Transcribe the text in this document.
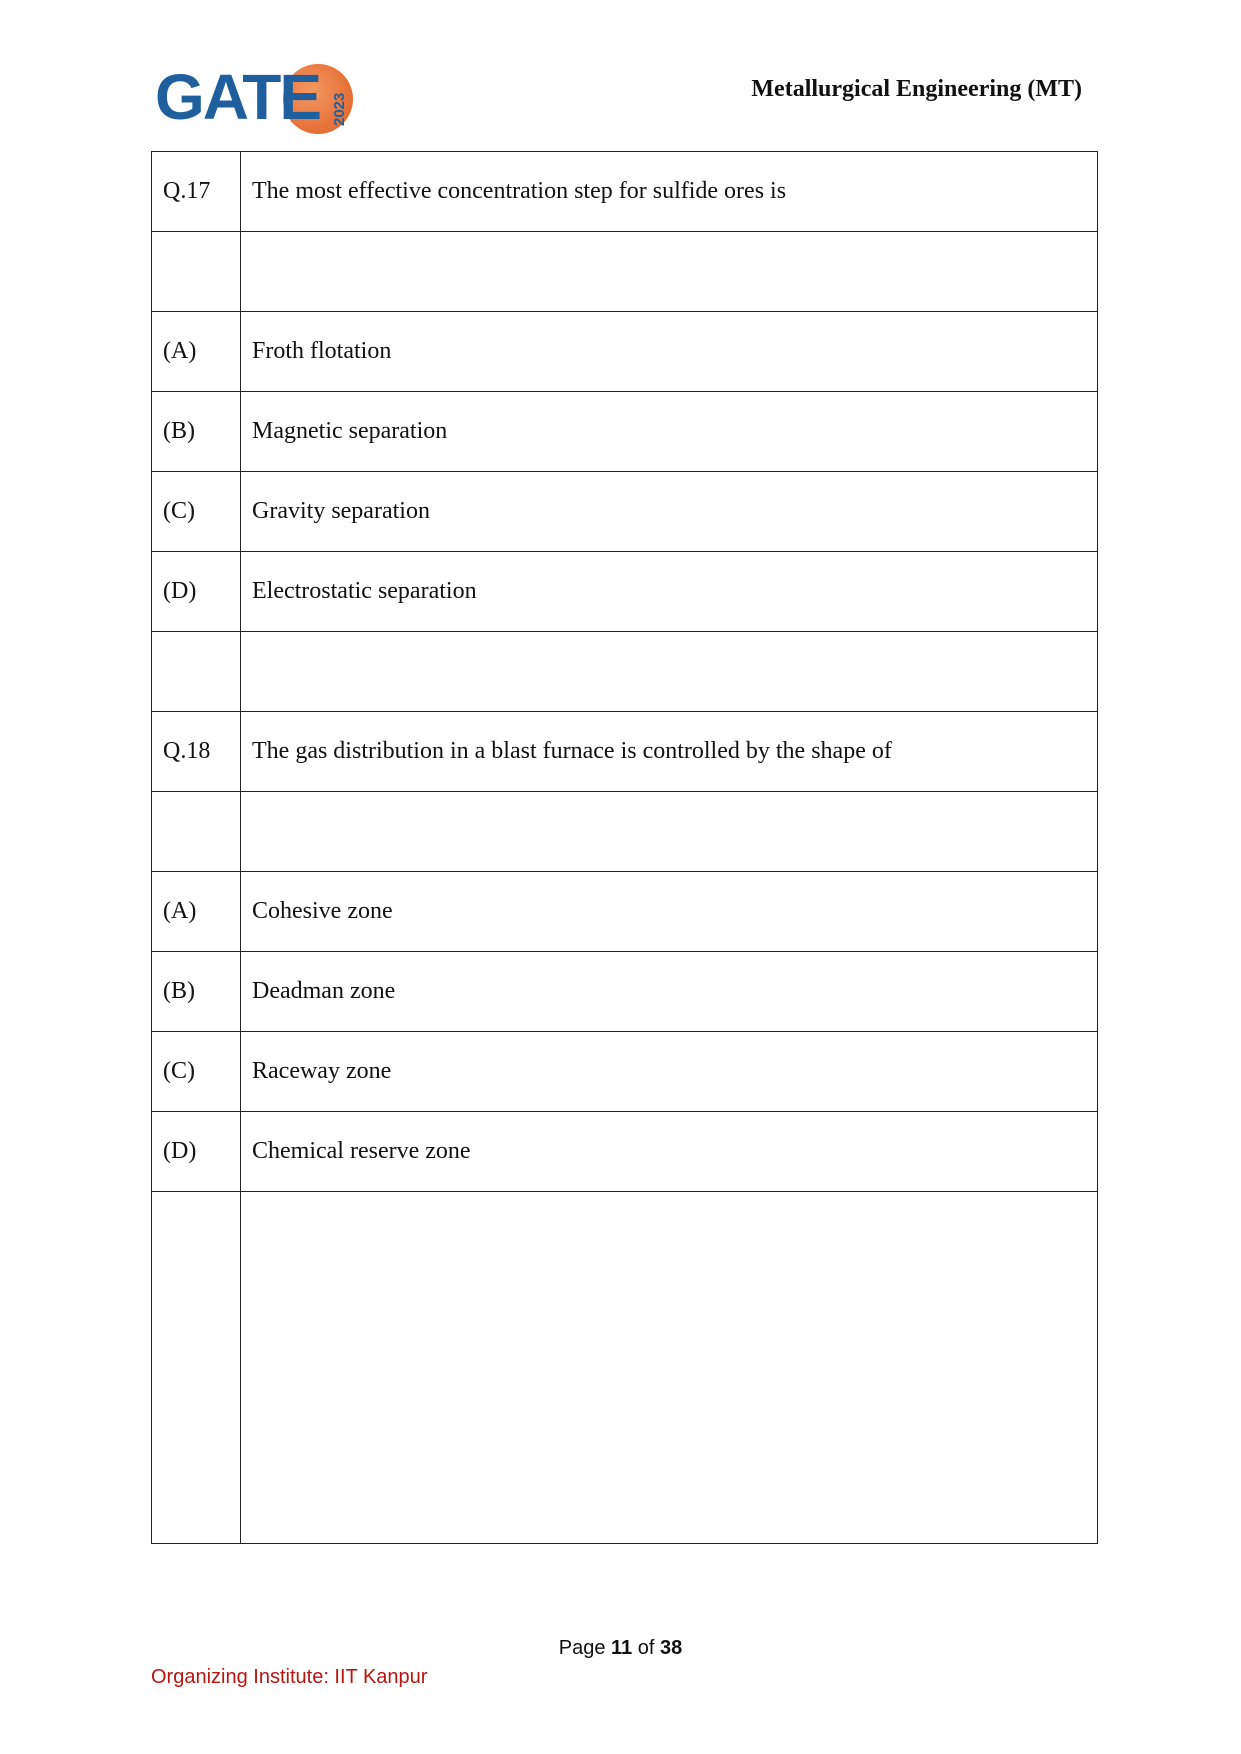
GATE 2023
Metallurgical Engineering (MT)
Q.17	The most effective concentration step for sulfide ores is

(A)	Froth flotation
(B)	Magnetic separation
(C)	Gravity separation
(D)	Electrostatic separation

Q.18	The gas distribution in a blast furnace is controlled by the shape of

(A)	Cohesive zone
(B)	Deadman zone
(C)	Raceway zone
(D)	Chemical reserve zone

Page 11 of 38
Organizing Institute: IIT Kanpur
